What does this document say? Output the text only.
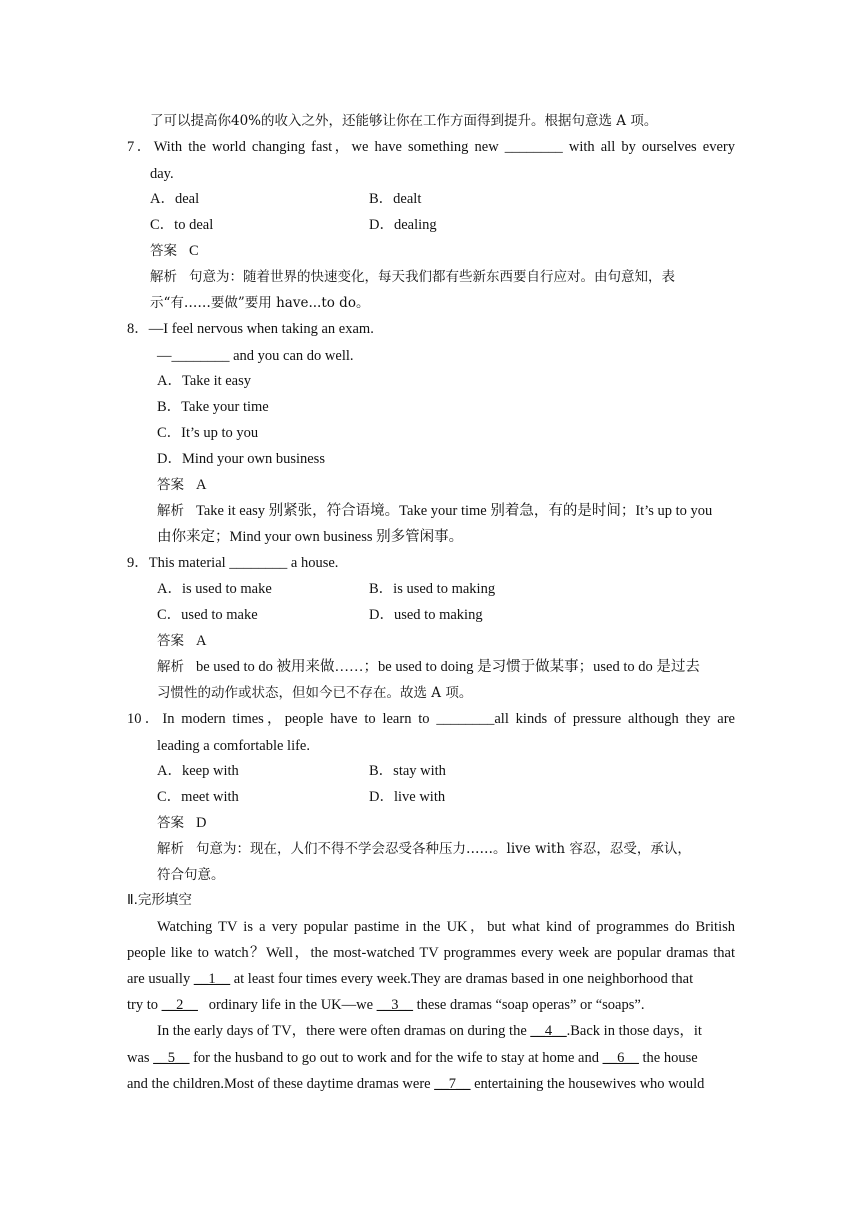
了可以提高你40%的收入之外，还能够让你在工作方面得到提升。根据句意选 A 项。
7．With the world changing fast，we have something new ________ with all by ourselves every
day.
A．deal	B．dealt
C．to deal	D．dealing
答案 C
解析 句意为：随着世界的快速变化，每天我们都有些新东西要自行应对。由句意知，表
示“有……要做”要用 have...to do。
8．—I feel nervous when taking an exam.
—________ and you can do well.
A．Take it easy
B．Take your time
C．It’s up to you
D．Mind your own business
答案 A
解析 Take it easy 别紧张，符合语境。Take your time 别着急，有的是时间；It’s up to you
由你来定；Mind your own business 别多管闲事。
9．This material ________ a house.
A．is used to make	B．is used to making
C．used to make	D．used to making
答案 A
解析 be used to do 被用来做……；be used to doing 是习惯于做某事；used to do 是过去
习惯性的动作或状态，但如今已不存在。故选 A 项。
10．In modern times，people have to learn to ________all kinds of pressure although they are
leading a comfortable life.
A．keep with	B．stay with
C．meet with	D．live with
答案 D
解析 句意为：现在，人们不得不学会忍受各种压力……。live with 容忍，忍受，承认，
符合句意。
Ⅱ.完形填空
Watching TV is a very popular pastime in the UK，but what kind of programmes do British
people like to watch？Well，the most-watched TV programmes every week are popular dramas that
are usually __1__ at least four times every week.They are dramas based in one neighborhood that
try to __2__   ordinary life in the UK—we __3__ these dramas “soap operas” or “soaps”.
In the early days of TV，there were often dramas on during the __4__.Back in those days，it
was __5__ for the husband to go out to work and for the wife to stay at home and __6__ the house
and the children.Most of these daytime dramas were __7__ entertaining the housewives who would
